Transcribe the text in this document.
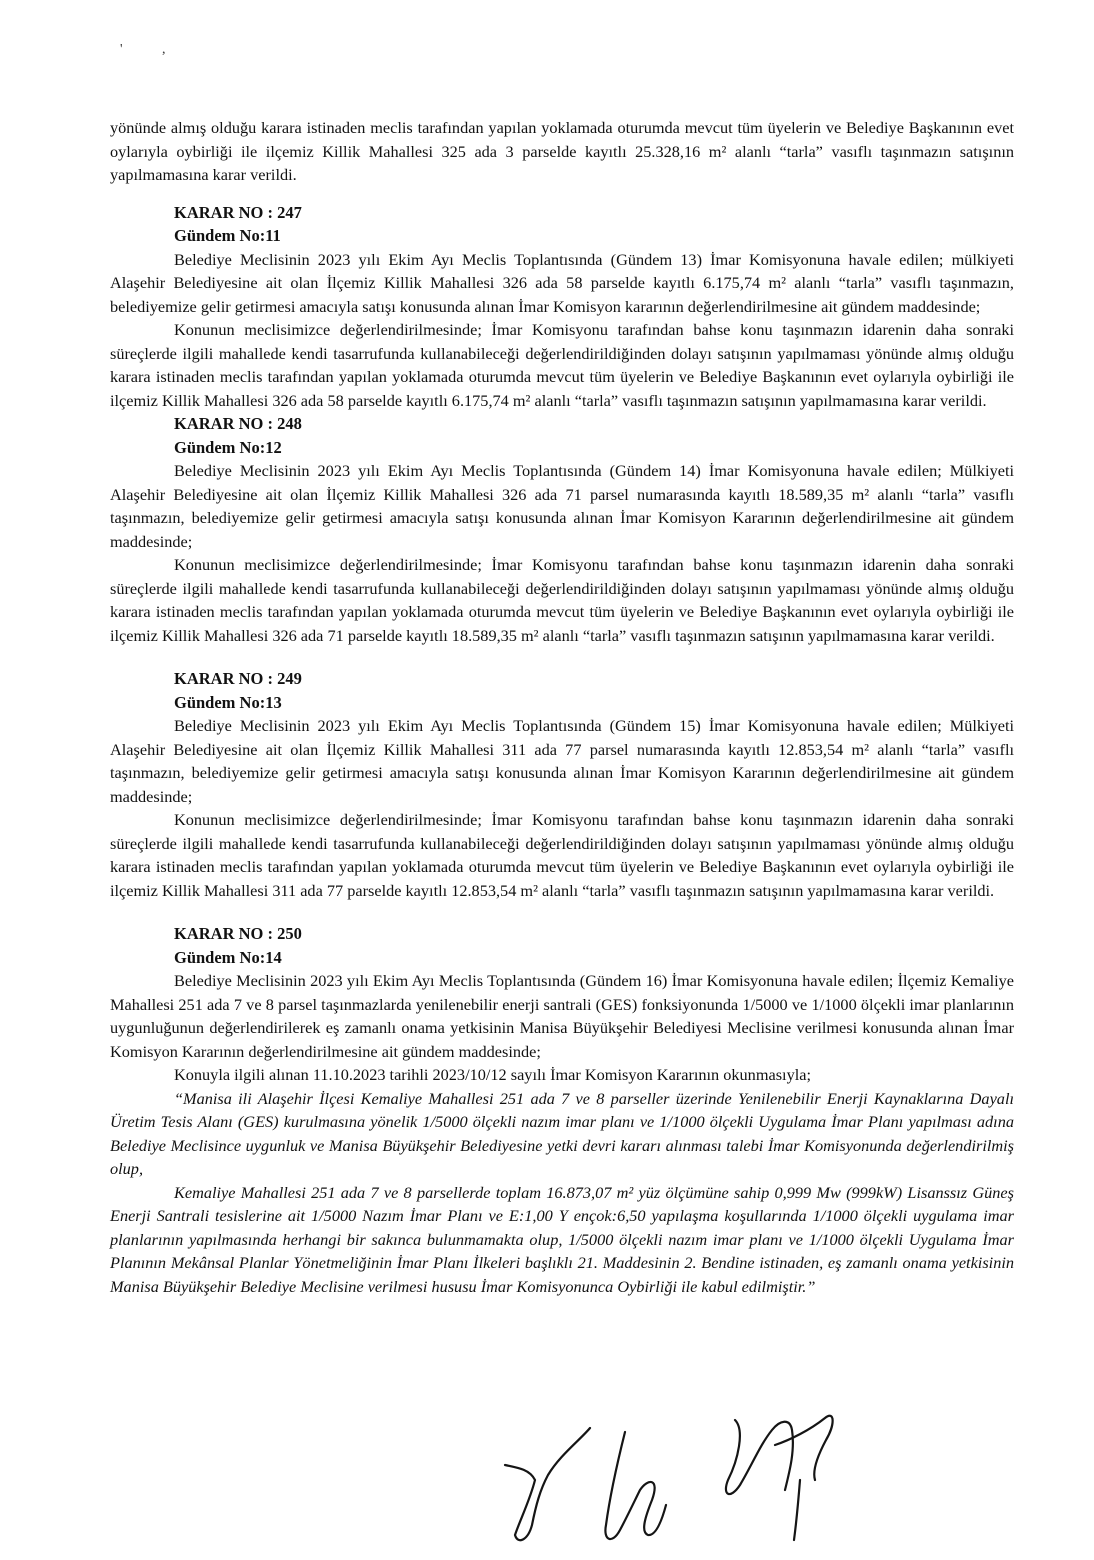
' ,

yönünde almış olduğu karara istinaden meclis tarafından yapılan yoklamada oturumda mevcut tüm üyelerin ve Belediye Başkanının evet oylarıyla oybirliği ile ilçemiz Killik Mahallesi 325 ada 3 parselde kayıtlı 25.328,16 m² alanlı “tarla” vasıflı taşınmazın satışının yapılmamasına karar verildi.

KARAR NO : 247

Gündem No:11

Belediye Meclisinin 2023 yılı Ekim Ayı Meclis Toplantısında (Gündem 13) İmar Komisyonuna havale edilen; mülkiyeti Alaşehir Belediyesine ait olan İlçemiz Killik Mahallesi 326 ada 58 parselde kayıtlı 6.175,74 m² alanlı “tarla” vasıflı taşınmazın, belediyemize gelir getirmesi amacıyla satışı konusunda alınan İmar Komisyon kararının değerlendirilmesine ait gündem maddesinde;

Konunun meclisimizce değerlendirilmesinde; İmar Komisyonu tarafından bahse konu taşınmazın idarenin daha sonraki süreçlerde ilgili mahallede kendi tasarrufunda kullanabileceği değerlendirildiğinden dolayı satışının yapılmaması yönünde almış olduğu karara istinaden meclis tarafından yapılan yoklamada oturumda mevcut tüm üyelerin ve Belediye Başkanının evet oylarıyla oybirliği ile ilçemiz Killik Mahallesi 326 ada 58 parselde kayıtlı 6.175,74 m² alanlı “tarla” vasıflı taşınmazın satışının yapılmamasına karar verildi.

KARAR NO : 248

Gündem No:12

Belediye Meclisinin 2023 yılı Ekim Ayı Meclis Toplantısında (Gündem 14) İmar Komisyonuna havale edilen; Mülkiyeti Alaşehir Belediyesine ait olan İlçemiz Killik Mahallesi 326 ada 71 parsel numarasında kayıtlı 18.589,35 m² alanlı “tarla” vasıflı taşınmazın, belediyemize gelir getirmesi amacıyla satışı konusunda alınan İmar Komisyon Kararının değerlendirilmesine ait gündem maddesinde;

Konunun meclisimizce değerlendirilmesinde; İmar Komisyonu tarafından bahse konu taşınmazın idarenin daha sonraki süreçlerde ilgili mahallede kendi tasarrufunda kullanabileceği değerlendirildiğinden dolayı satışının yapılmaması yönünde almış olduğu karara istinaden meclis tarafından yapılan yoklamada oturumda mevcut tüm üyelerin ve Belediye Başkanının evet oylarıyla oybirliği ile ilçemiz Killik Mahallesi 326 ada 71 parselde kayıtlı 18.589,35 m² alanlı “tarla” vasıflı taşınmazın satışının yapılmamasına karar verildi.

KARAR NO : 249

Gündem No:13

Belediye Meclisinin 2023 yılı Ekim Ayı Meclis Toplantısında (Gündem 15) İmar Komisyonuna havale edilen; Mülkiyeti Alaşehir Belediyesine ait olan İlçemiz Killik Mahallesi 311 ada 77 parsel numarasında kayıtlı 12.853,54 m² alanlı “tarla” vasıflı taşınmazın, belediyemize gelir getirmesi amacıyla satışı konusunda alınan İmar Komisyon Kararının değerlendirilmesine ait gündem maddesinde;

Konunun meclisimizce değerlendirilmesinde; İmar Komisyonu tarafından bahse konu taşınmazın idarenin daha sonraki süreçlerde ilgili mahallede kendi tasarrufunda kullanabileceği değerlendirildiğinden dolayı satışının yapılmaması yönünde almış olduğu karara istinaden meclis tarafından yapılan yoklamada oturumda mevcut tüm üyelerin ve Belediye Başkanının evet oylarıyla oybirliği ile ilçemiz Killik Mahallesi 311 ada 77 parselde kayıtlı 12.853,54 m² alanlı “tarla” vasıflı taşınmazın satışının yapılmamasına karar verildi.

KARAR NO : 250

Gündem No:14

Belediye Meclisinin 2023 yılı Ekim Ayı Meclis Toplantısında (Gündem 16) İmar Komisyonuna havale edilen; İlçemiz Kemaliye Mahallesi 251 ada 7 ve 8 parsel taşınmazlarda yenilenebilir enerji santrali (GES) fonksiyonunda 1/5000 ve 1/1000 ölçekli imar planlarının uygunluğunun değerlendirilerek eş zamanlı onama yetkisinin Manisa Büyükşehir Belediyesi Meclisine verilmesi konusunda alınan İmar Komisyon Kararının değerlendirilmesine ait gündem maddesinde;

Konuyla ilgili alınan 11.10.2023 tarihli 2023/10/12 sayılı İmar Komisyon Kararının okunmasıyla;

“Manisa ili Alaşehir İlçesi Kemaliye Mahallesi 251 ada 7 ve 8 parseller üzerinde Yenilenebilir Enerji Kaynaklarına Dayalı Üretim Tesis Alanı (GES) kurulmasına yönelik 1/5000 ölçekli nazım imar planı ve 1/1000 ölçekli Uygulama İmar Planı yapılması adına Belediye Meclisince uygunluk ve Manisa Büyükşehir Belediyesine yetki devri kararı alınması talebi İmar Komisyonunda değerlendirilmiş olup,

Kemaliye Mahallesi 251 ada 7 ve 8 parsellerde toplam 16.873,07 m² yüz ölçümüne sahip 0,999 Mw (999kW) Lisanssız Güneş Enerji Santrali tesislerine ait 1/5000 Nazım İmar Planı ve E:1,00 Y ençok:6,50 yapılaşma koşullarında 1/1000 ölçekli uygulama imar planlarının yapılmasında herhangi bir sakınca bulunmamakta olup, 1/5000 ölçekli nazım imar planı ve 1/1000 ölçekli Uygulama İmar Planının Mekânsal Planlar Yönetmeliğinin İmar Planı İlkeleri başlıklı 21. Maddesinin 2. Bendine istinaden, eş zamanlı onama yetkisinin Manisa Büyükşehir Belediye Meclisine verilmesi hususu İmar Komisyonunca Oybirliği ile kabul edilmiştir.”
